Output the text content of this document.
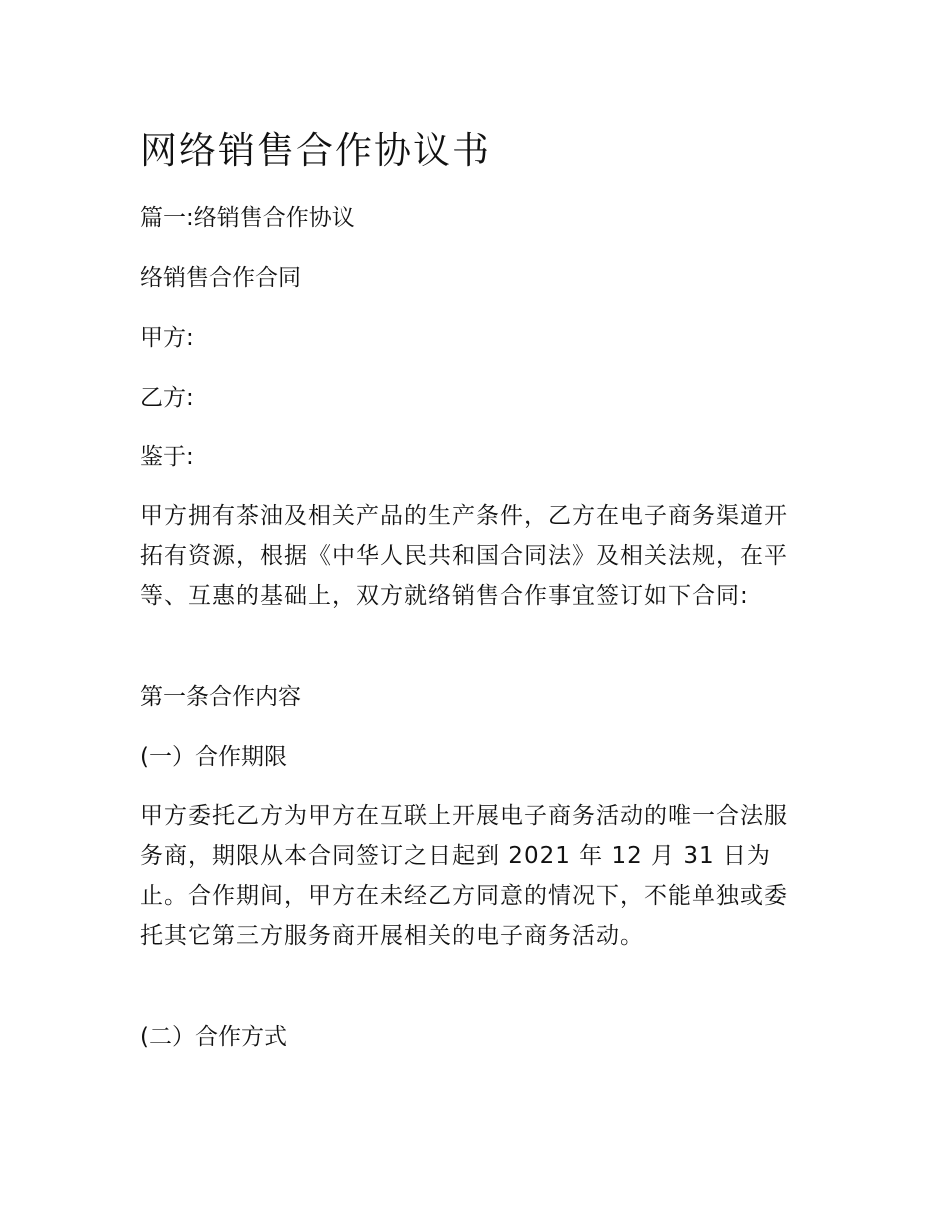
网络销售合作协议书

篇一:络销售合作协议

络销售合作合同

甲方:

乙方:

鉴于:

甲方拥有茶油及相关产品的生产条件，乙方在电子商务渠道开拓有资源，根据《中华人民共和国合同法》及相关法规，在平等、互惠的基础上，双方就络销售合作事宜签订如下合同:

第一条合作内容

(一）合作期限

甲方委托乙方为甲方在互联上开展电子商务活动的唯一合法服务商，期限从本合同签订之日起到 2021 年 12 月 31 日为止。合作期间，甲方在未经乙方同意的情况下，不能单独或委托其它第三方服务商开展相关的电子商务活动。

(二）合作方式
